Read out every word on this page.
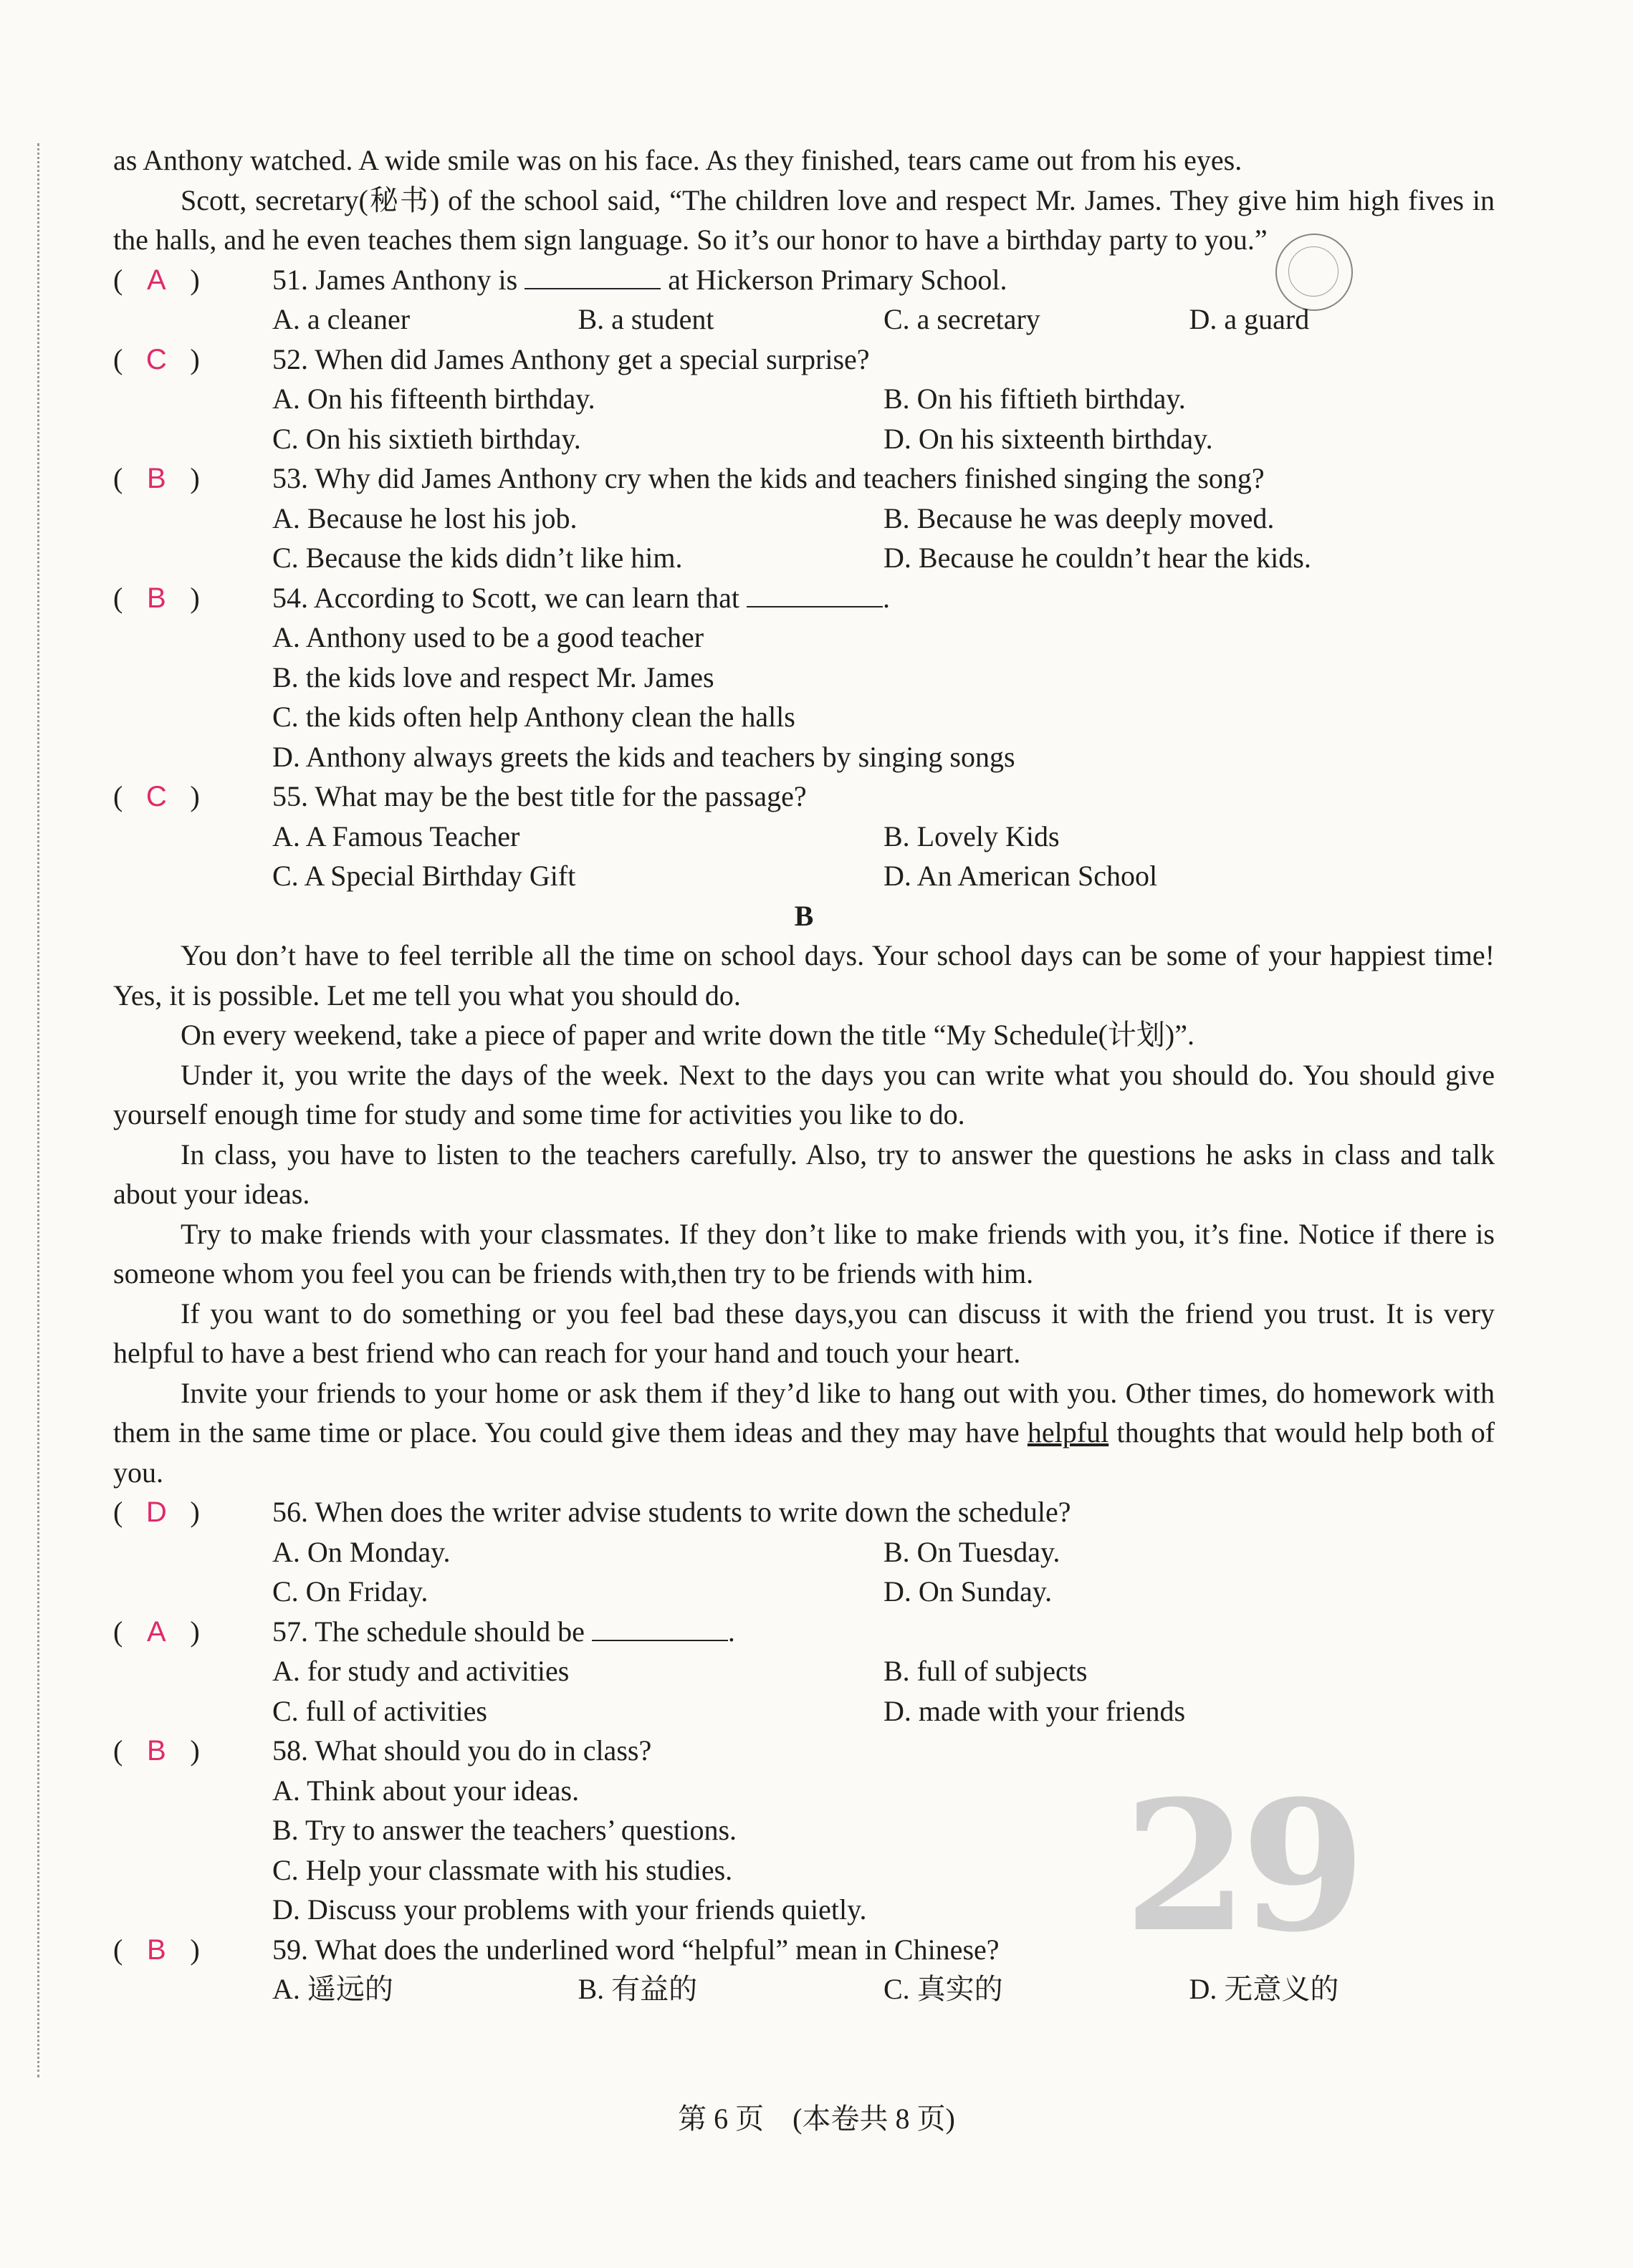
as Anthony watched. A wide smile was on his face. As they finished, tears came out from his eyes.
Scott, secretary(秘书) of the school said, “The children love and respect Mr. James. They give him high fives in the halls, and he even teaches them sign language. So it’s our honor to have a birthday party to you.”
( A )	51. James Anthony is	at Hickerson Primary School.
A. a cleaner	B. a student	C. a secretary	D. a guard
( C )	52. When did James Anthony get a special surprise?
A. On his fifteenth birthday.	B. On his fiftieth birthday.
C. On his sixtieth birthday.	D. On his sixteenth birthday.
( B )	53. Why did James Anthony cry when the kids and teachers finished singing the song?
A. Because he lost his job.	B. Because he was deeply moved.
C. Because the kids didn’t like him.	D. Because he couldn’t hear the kids.
( B )	54. According to Scott, we can learn that	.
A. Anthony used to be a good teacher
B. the kids love and respect Mr. James
C. the kids often help Anthony clean the halls
D. Anthony always greets the kids and teachers by singing songs
( C )	55. What may be the best title for the passage?
A. A Famous Teacher	B. Lovely Kids
C. A Special Birthday Gift	D. An American School
B
You don’t have to feel terrible all the time on school days. Your school days can be some of your happiest time! Yes, it is possible. Let me tell you what you should do.
On every weekend, take a piece of paper and write down the title “My Schedule(计划)”.
Under it, you write the days of the week. Next to the days you can write what you should do. You should give yourself enough time for study and some time for activities you like to do.
In class, you have to listen to the teachers carefully. Also, try to answer the questions he asks in class and talk about your ideas.
Try to make friends with your classmates. If they don’t like to make friends with you, it’s fine. Notice if there is someone whom you feel you can be friends with,then try to be friends with him.
If you want to do something or you feel bad these days,you can discuss it with the friend you trust. It is very helpful to have a best friend who can reach for your hand and touch your heart.
Invite your friends to your home or ask them if they’d like to hang out with you. Other times, do homework with them in the same time or place. You could give them ideas and they may have helpful thoughts that would help both of you.
( D )	56. When does the writer advise students to write down the schedule?
A. On Monday.	B. On Tuesday.
C. On Friday.	D. On Sunday.
( A )	57. The schedule should be	.
A. for study and activities	B. full of subjects
C. full of activities	D. made with your friends
( B )	58. What should you do in class?
A. Think about your ideas.
B. Try to answer the teachers’ questions.
C. Help your classmate with his studies.
D. Discuss your problems with your friends quietly.
( B )	59. What does the underlined word “helpful” mean in Chinese?
A. 遥远的	B. 有益的	C. 真实的	D. 无意义的
29
第 6 页　(本卷共 8 页)
